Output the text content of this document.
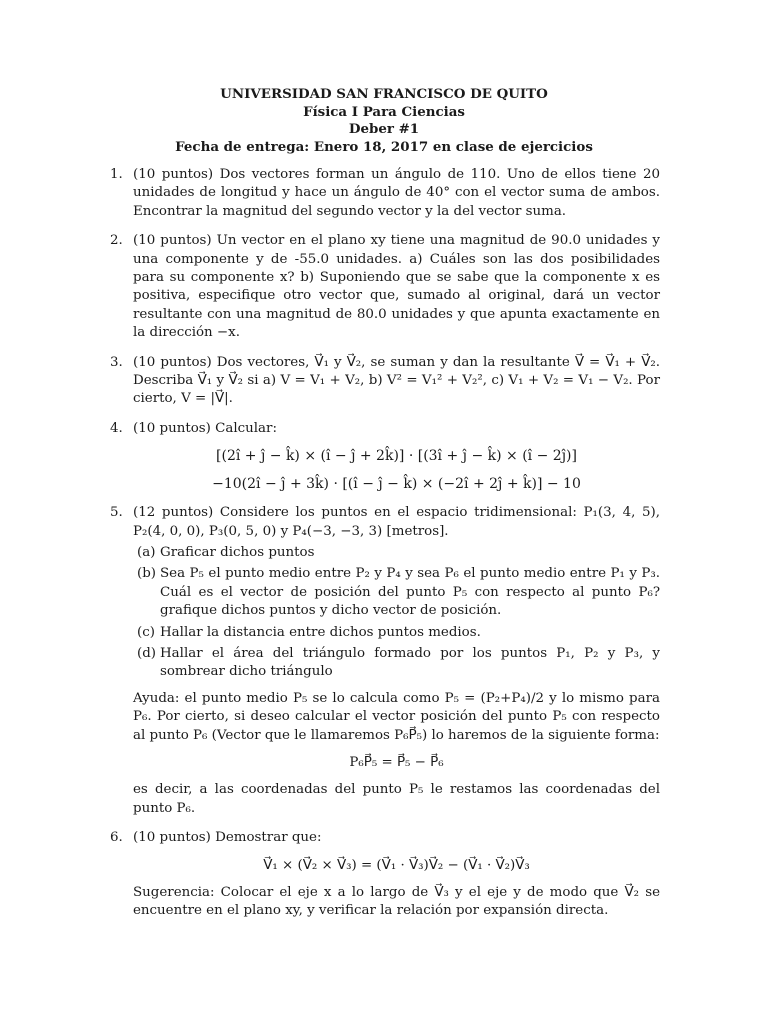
UNIVERSIDAD SAN FRANCISCO DE QUITO
Física I Para Ciencias
Deber #1
Fecha de entrega: Enero 18, 2017 en clase de ejercicios
1. (10 puntos) Dos vectores forman un ángulo de 110. Uno de ellos tiene 20 unidades de longitud y hace un ángulo de 40° con el vector suma de ambos. Encontrar la magnitud del segundo vector y la del vector suma.
2. (10 puntos) Un vector en el plano xy tiene una magnitud de 90.0 unidades y una componente y de -55.0 unidades. a) Cuáles son las dos posibilidades para su componente x? b) Suponiendo que se sabe que la componente x es positiva, especifique otro vector que, sumado al original, dará un vector resultante con una magnitud de 80.0 unidades y que apunta exactamente en la dirección −x.
3. (10 puntos) Dos vectores, V⃗₁ y V⃗₂, se suman y dan la resultante V⃗ = V⃗₁ + V⃗₂. Describa V⃗₁ y V⃗₂ si a) V = V₁ + V₂, b) V² = V₁² + V₂², c) V₁ + V₂ = V₁ − V₂. Por cierto, V = |V⃗|.
4. (10 puntos) Calcular:
[(2î + ĵ − k̂) × (î − ĵ + 2k̂)] · [(3î + ĵ − k̂) × (î − 2ĵ)]
−10(2î − ĵ + 3k̂) · [(î − ĵ − k̂) × (−2î + 2ĵ + k̂)] − 10
5. (12 puntos) Considere los puntos en el espacio tridimensional: P₁(3, 4, 5), P₂(4, 0, 0), P₃(0, 5, 0) y P₄(−3, −3, 3) [metros].
(a) Graficar dichos puntos
(b) Sea P₅ el punto medio entre P₂ y P₄ y sea P₆ el punto medio entre P₁ y P₃. Cuál es el vector de posición del punto P₅ con respecto al punto P₆? grafique dichos puntos y dicho vector de posición.
(c) Hallar la distancia entre dichos puntos medios.
(d) Hallar el área del triángulo formado por los puntos P₁, P₂ y P₃, y sombrear dicho triángulo
Ayuda: el punto medio P₅ se lo calcula como P₅ = (P₂+P₄)/2 y lo mismo para P₆. Por cierto, si deseo calcular el vector posición del punto P₅ con respecto al punto P₆ (Vector que le llamaremos P₆P⃗₅) lo haremos de la siguiente forma:
P₆P⃗₅ = P⃗₅ − P⃗₆
es decir, a las coordenadas del punto P₅ le restamos las coordenadas del punto P₆.
6. (10 puntos) Demostrar que:
V⃗₁ × (V⃗₂ × V⃗₃) = (V⃗₁ · V⃗₃)V⃗₂ − (V⃗₁ · V⃗₂)V⃗₃
Sugerencia: Colocar el eje x a lo largo de V⃗₃ y el eje y de modo que V⃗₂ se encuentre en el plano xy, y verificar la relación por expansión directa.
